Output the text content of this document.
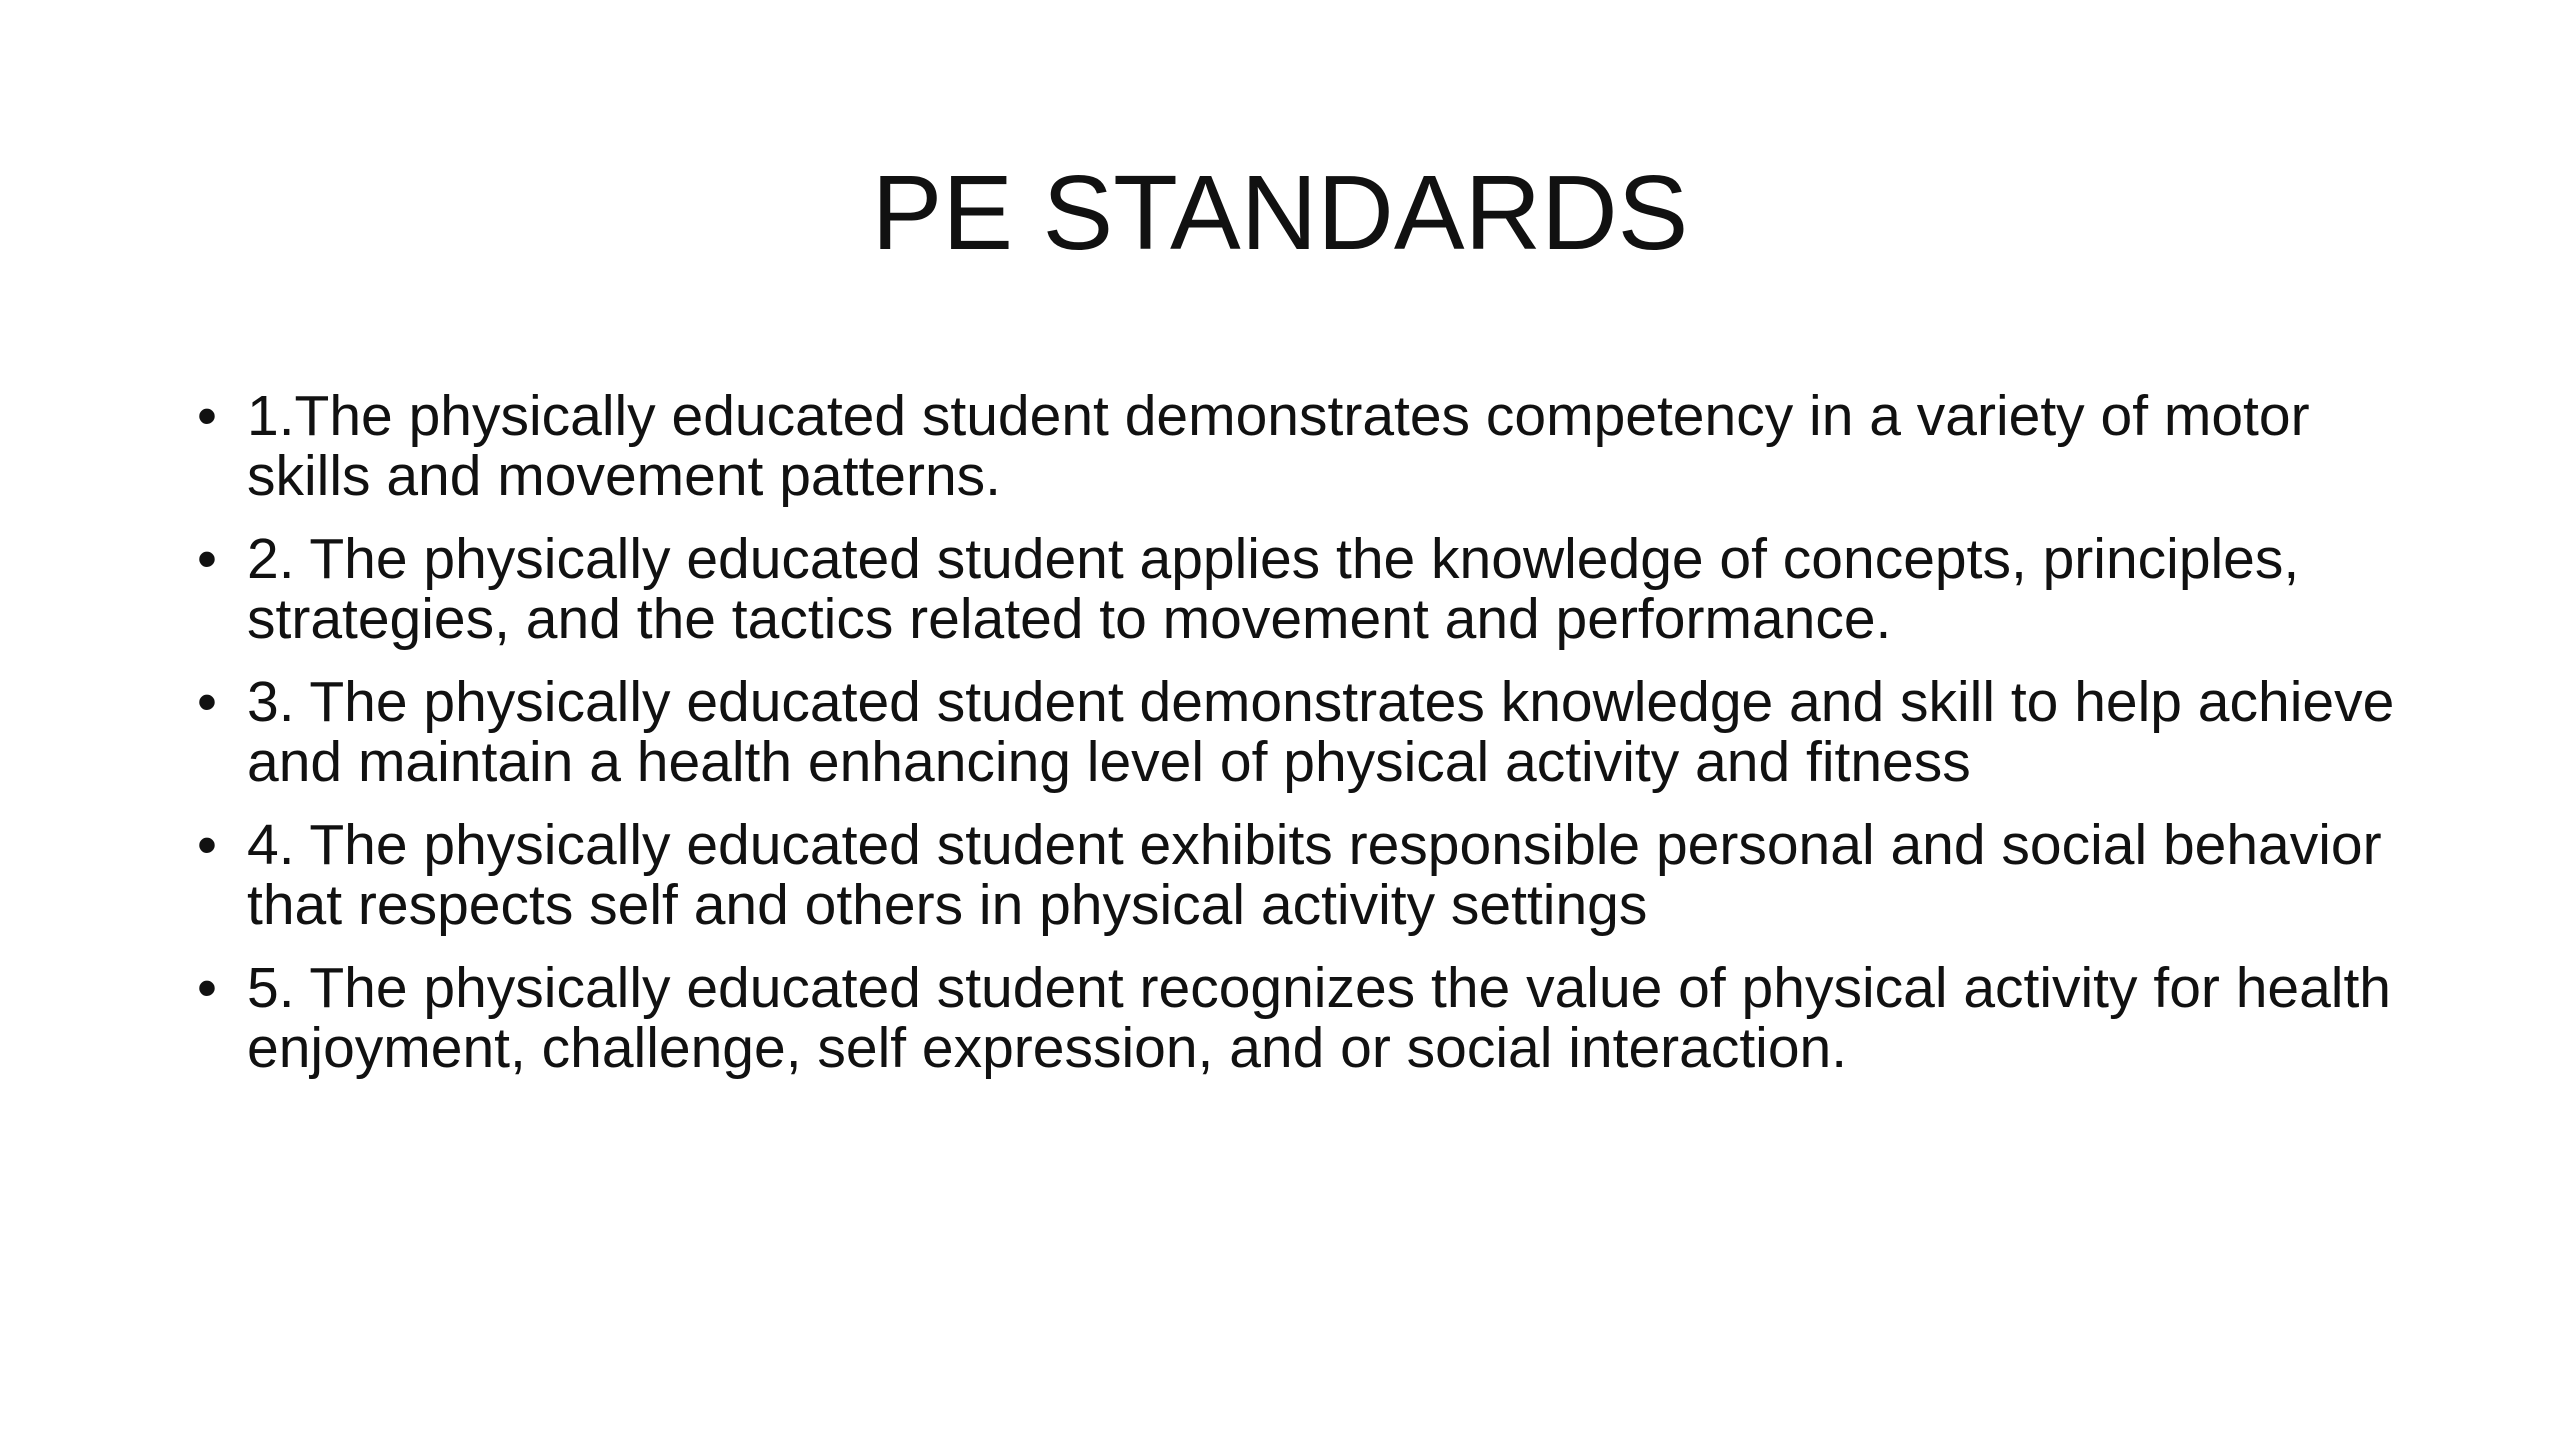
PE STANDARDS
• 1.The physically educated student demonstrates competency in a variety of motor skills and movement patterns.
• 2. The physically educated student applies the knowledge of concepts, principles, strategies, and the tactics related to movement and performance.
• 3. The physically educated student demonstrates knowledge and skill to help achieve and maintain a health enhancing level of physical activity and fitness
• 4. The physically educated student exhibits responsible personal and social behavior that respects self and others in physical activity settings
• 5. The physically educated student recognizes the value of physical activity for health enjoyment, challenge, self expression, and or social interaction.
